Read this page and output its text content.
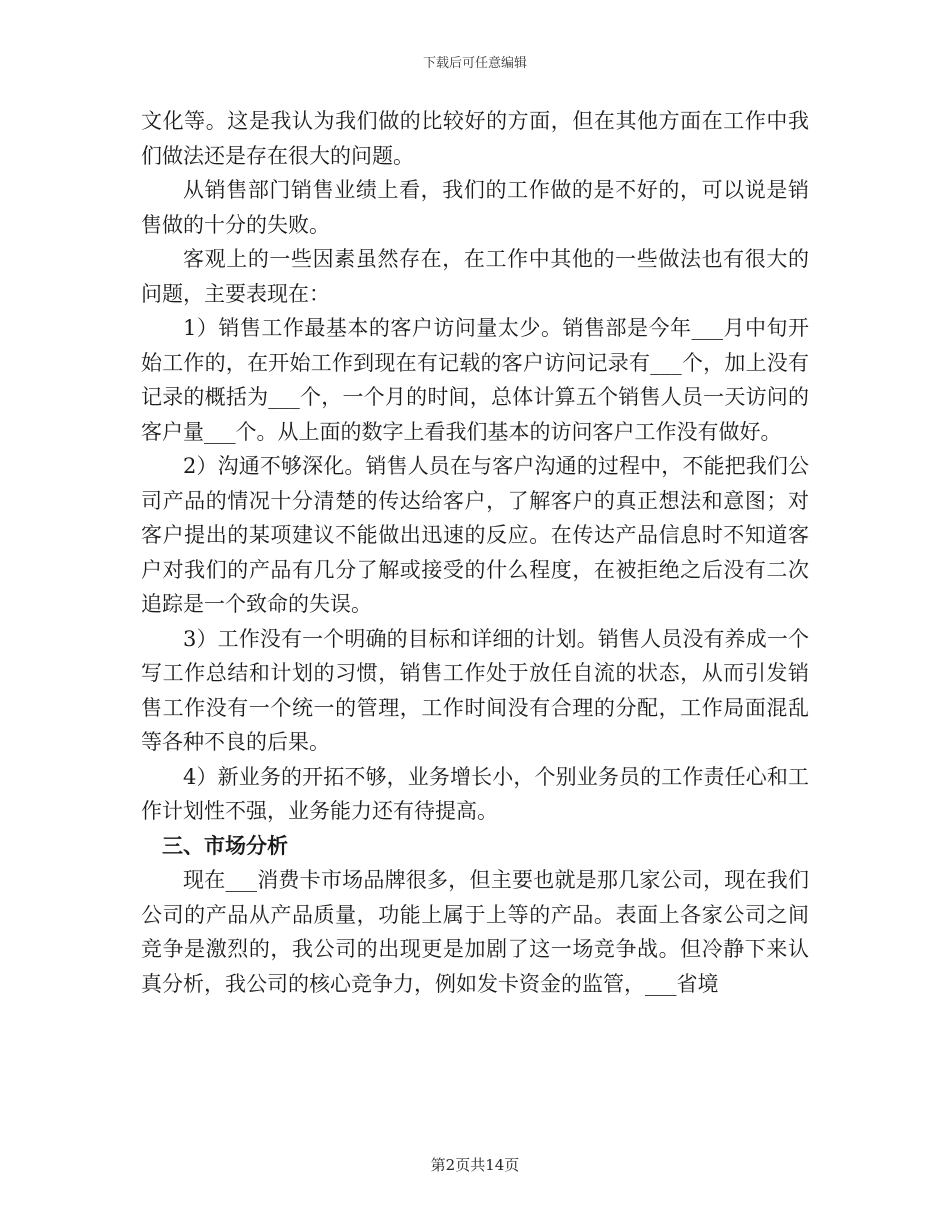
下载后可任意编辑

文化等。这是我认为我们做的比较好的方面，但在其他方面在工作中我们做法还是存在很大的问题。

从销售部门销售业绩上看，我们的工作做的是不好的，可以说是销售做的十分的失败。

客观上的一些因素虽然存在，在工作中其他的一些做法也有很大的问题，主要表现在：

1）销售工作最基本的客户访问量太少。销售部是今年___月中旬开始工作的，在开始工作到现在有记载的客户访问记录有___个，加上没有记录的概括为___个，一个月的时间，总体计算五个销售人员一天访问的客户量___个。从上面的数字上看我们基本的访问客户工作没有做好。

2）沟通不够深化。销售人员在与客户沟通的过程中，不能把我们公司产品的情况十分清楚的传达给客户，了解客户的真正想法和意图；对客户提出的某项建议不能做出迅速的反应。在传达产品信息时不知道客户对我们的产品有几分了解或接受的什么程度，在被拒绝之后没有二次追踪是一个致命的失误。

3）工作没有一个明确的目标和详细的计划。销售人员没有养成一个写工作总结和计划的习惯，销售工作处于放任自流的状态，从而引发销售工作没有一个统一的管理，工作时间没有合理的分配，工作局面混乱等各种不良的后果。

4）新业务的开拓不够，业务增长小，个别业务员的工作责任心和工作计划性不强，业务能力还有待提高。

三、市场分析

现在___消费卡市场品牌很多，但主要也就是那几家公司，现在我们公司的产品从产品质量，功能上属于上等的产品。表面上各家公司之间竞争是激烈的，我公司的出现更是加剧了这一场竞争战。但冷静下来认真分析，我公司的核心竞争力，例如发卡资金的监管，___省境

第2页共14页
